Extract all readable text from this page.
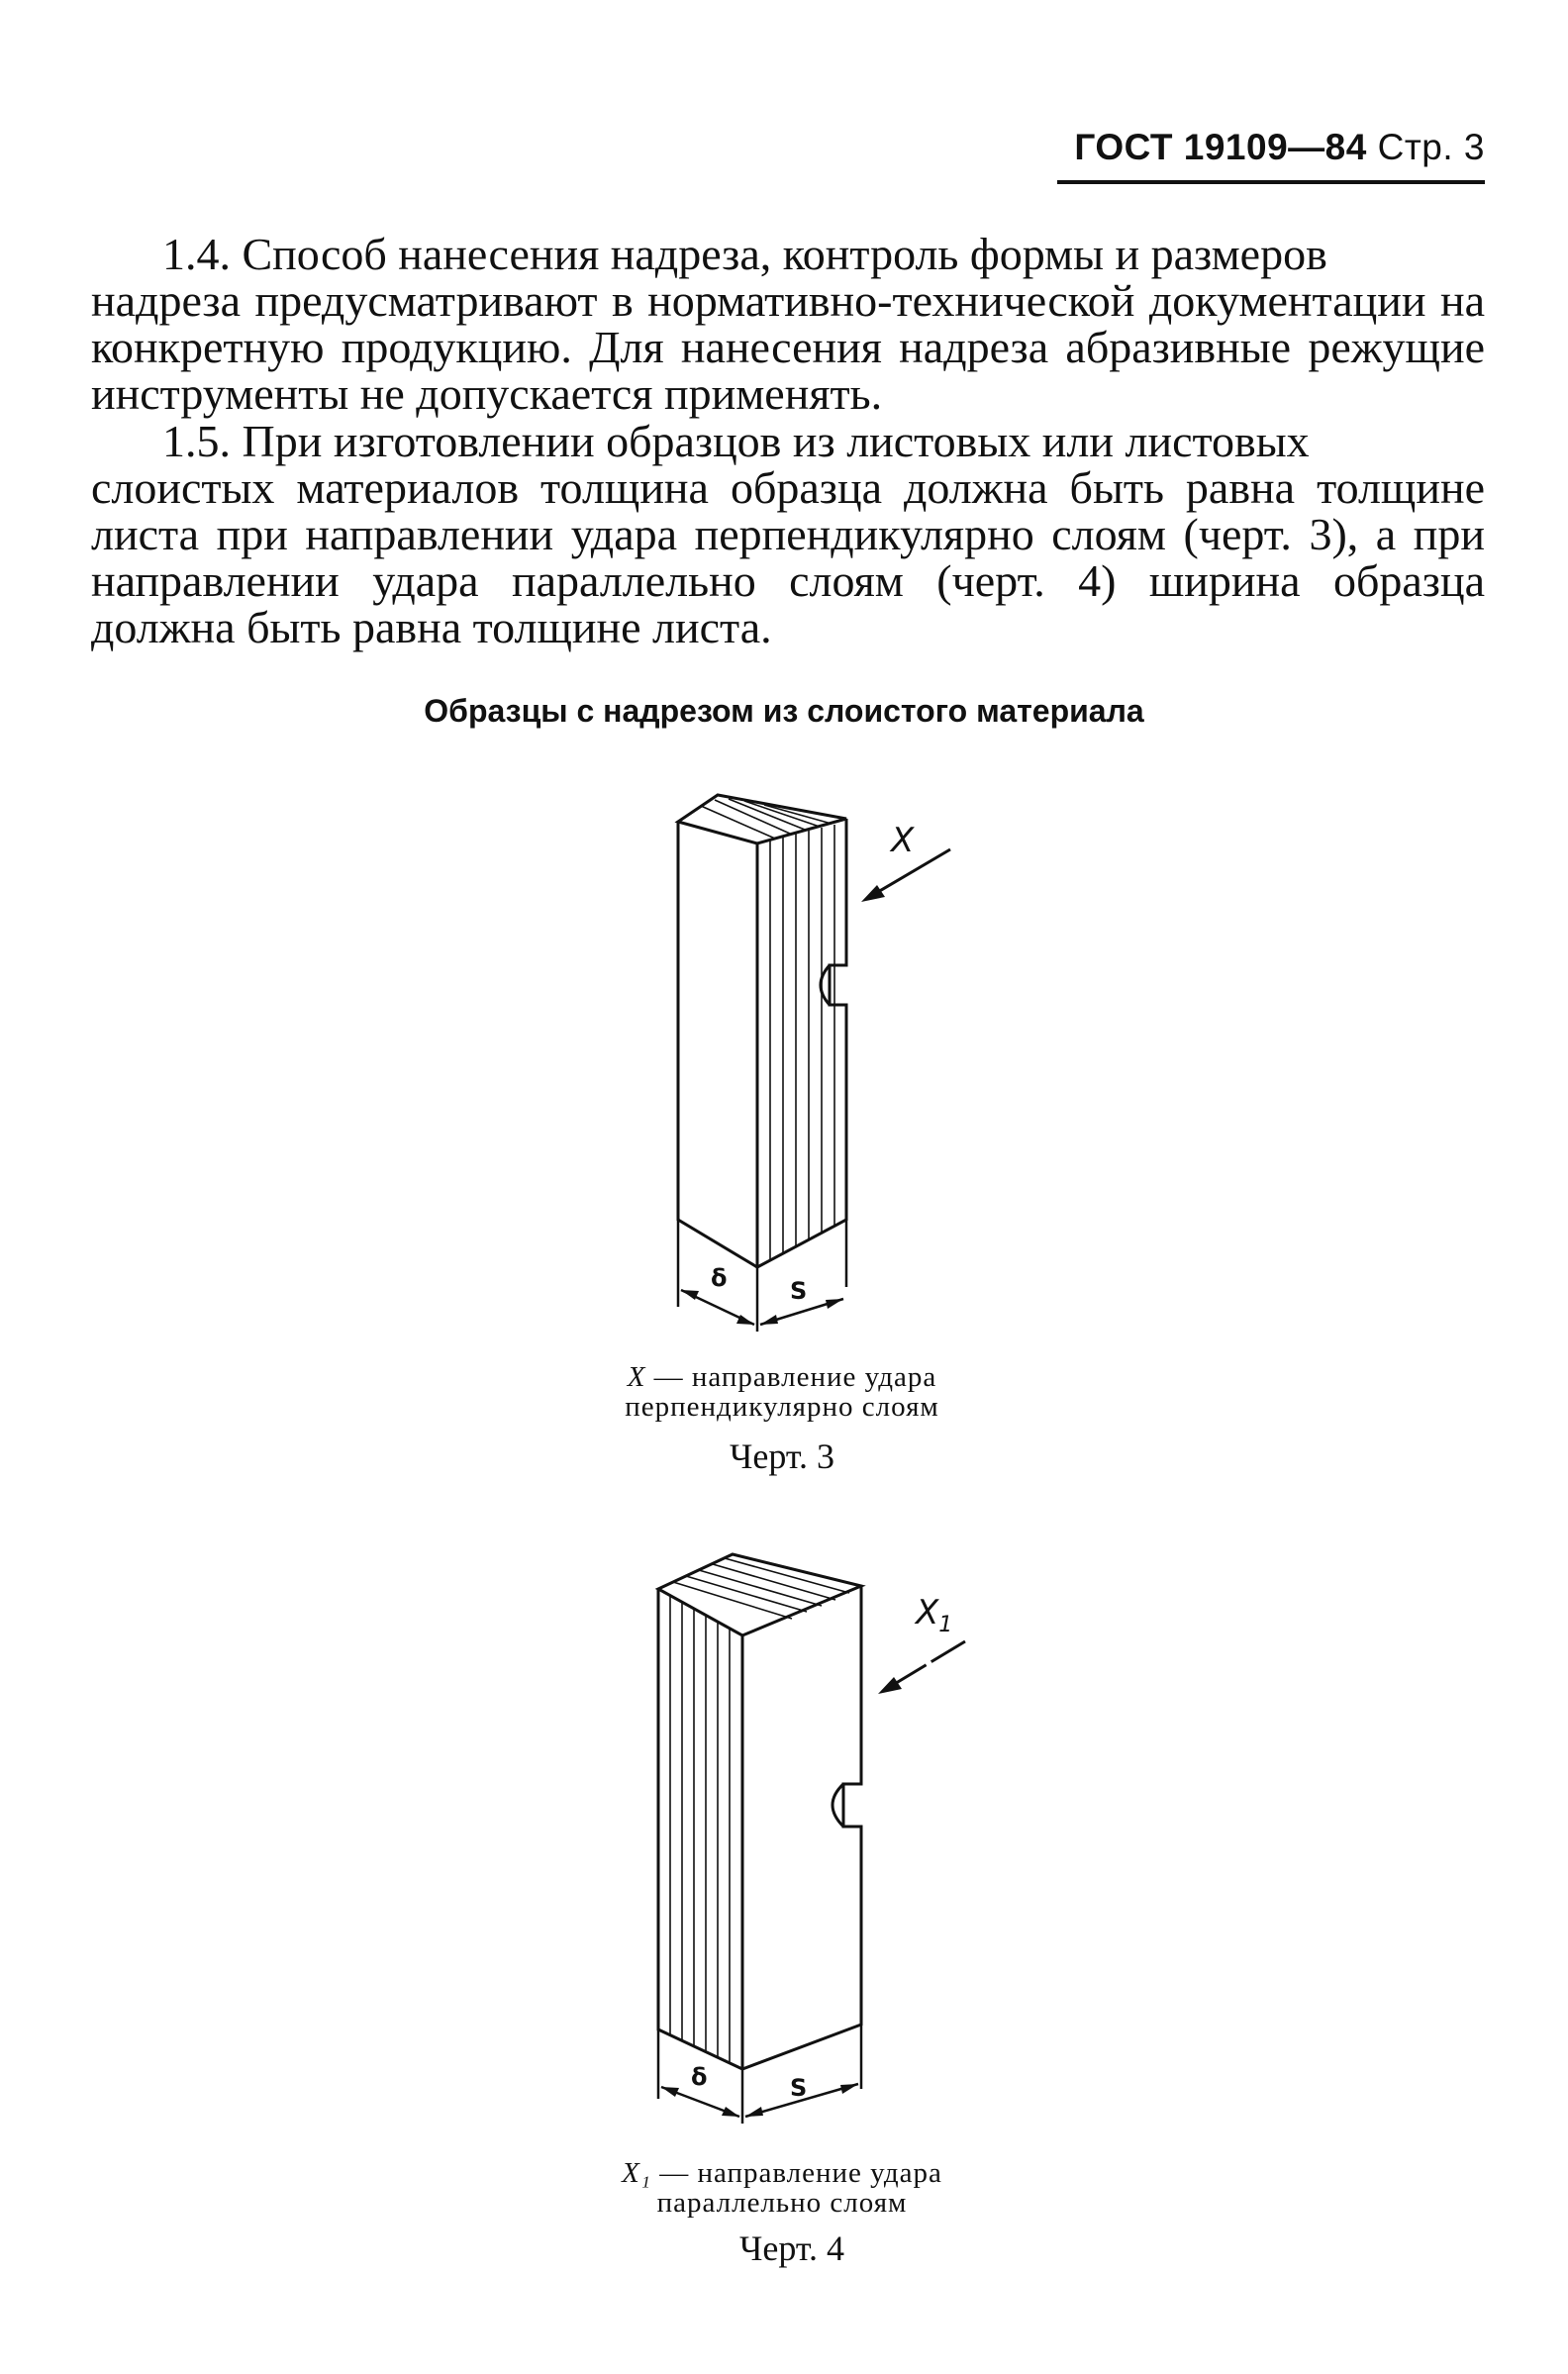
ГОСТ 19109—84 Стр. 3

1.4. Способ нанесения надреза, контроль формы и размеров
надреза предусматривают в нормативно-технической документации на конкретную продукцию. Для нанесения надреза абразивные режущие инструменты не допускается применять.

1.5. При изготовлении образцов из листовых или листовых
слоистых материалов толщина образца должна быть равна толщине листа при направлении удара перпендикулярно слоям (черт. 3), а при направлении удара параллельно слоям (черт. 4) ширина образца должна быть равна толщине листа.

Образцы с надрезом из слоистого материала
δ	S
X
X — направление удара
перпендикулярно слоям
Черт. 3
δ	S
$X_1$
X₁ — направление удара
параллельно слоям
Черт. 4
